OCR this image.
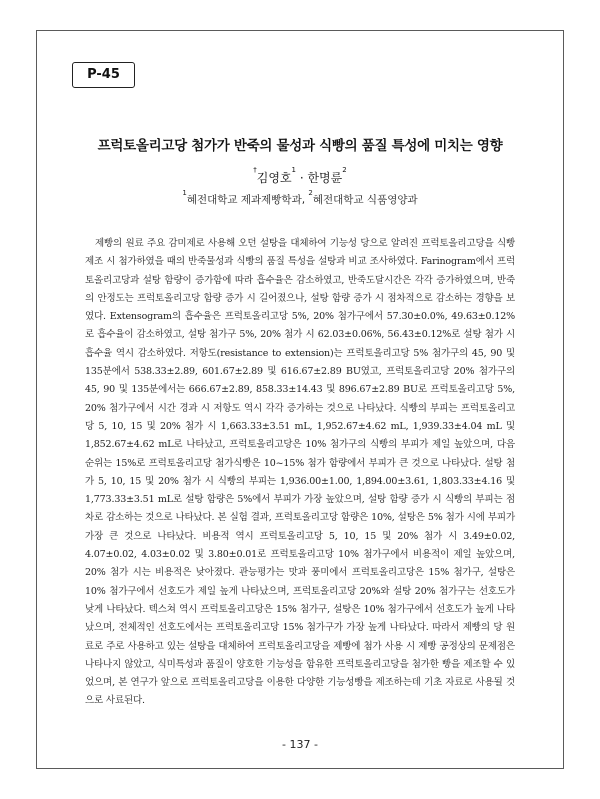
P-45
프럭토올리고당 첨가가 반죽의 물성과 식빵의 품질 특성에 미치는 영향
†김영호$^1$ · 한명륜$^2$
$^1$혜전대학교 제과제빵학과, $^2$혜전대학교 식품영양과

제빵의 원료 주요 감미제로 사용해 오던 설탕을 대체하여 기능성 당으로 알려진 프럭토올리고당을 식빵 제조 시 첨가하였을 때의 반죽물성과 식빵의 품질 특성을 설탕과 비교 조사하였다. Farinogram에서 프럭토올리고당과 설탕 함량이 증가함에 따라 흡수율은 감소하였고, 반죽도달시간은 각각 증가하였으며, 반죽의 안정도는 프럭토올리고당 함량 증가 시 길어졌으나, 설탕 함량 증가 시 점차적으로 감소하는 경향을 보였다. Extensogram의 흡수율은 프럭토올리고당 5%, 20% 첨가구에서 57.30±0.0%, 49.63±0.12%로 흡수율이 감소하였고, 설탕 첨가구 5%, 20% 첨가 시 62.03±0.06%, 56.43±0.12%로 설탕 첨가 시 흡수율 역시 감소하였다. 저항도(resistance to extension)는 프럭토올리고당 5% 첨가구의 45, 90 및 135분에서 538.33±2.89, 601.67±2.89 및 616.67±2.89 BU였고, 프럭토올리고당 20% 첨가구의 45, 90 및 135분에서는 666.67±2.89, 858.33±14.43 및 896.67±2.89 BU로 프럭토올리고당 5%, 20% 첨가구에서 시간 경과 시 저항도 역시 각각 증가하는 것으로 나타났다. 식빵의 부피는 프럭토올리고당 5, 10, 15 및 20% 첨가 시 1,663.33±3.51 mL, 1,952.67±4.62 mL, 1,939.33±4.04 mL 및 1,852.67±4.62 mL로 나타났고, 프럭토올리고당은 10% 첨가구의 식빵의 부피가 제일 높았으며, 다음 순위는 15%로 프럭토올리고당 첨가식빵은 10~15% 첨가 함량에서 부피가 큰 것으로 나타났다. 설탕 첨가 5, 10, 15 및 20% 첨가 시 식빵의 부피는 1,936.00±1.00, 1,894.00±3.61, 1,803.33±4.16 및 1,773.33±3.51 mL로 설탕 함량은 5%에서 부피가 가장 높았으며, 설탕 함량 증가 시 식빵의 부피는 점차로 감소하는 것으로 나타났다. 본 실험 결과, 프럭토올리고당 함량은 10%, 설탕은 5% 첨가 시에 부피가 가장 큰 것으로 나타났다. 비용적 역시 프럭토올리고당 5, 10, 15 및 20% 첨가 시 3.49±0.02, 4.07±0.02, 4.03±0.02 및 3.80±0.01로 프럭토올리고당 10% 첨가구에서 비용적이 제일 높았으며, 20% 첨가 시는 비용적은 낮아졌다. 관능평가는 맛과 풍미에서 프럭토올리고당은 15% 첨가구, 설탕은 10% 첨가구에서 선호도가 제일 높게 나타났으며, 프럭토올리고당 20%와 설탕 20% 첨가구는 선호도가 낮게 나타났다. 텍스쳐 역시 프럭토올리고당은 15% 첨가구, 설탕은 10% 첨가구에서 선호도가 높게 나타났으며, 전체적인 선호도에서는 프럭토올리고당 15% 첨가구가 가장 높게 나타났다. 따라서 제빵의 당 원료로 주로 사용하고 있는 설탕을 대체하여 프럭토올리고당을 제빵에 첨가 사용 시 제빵 공정상의 문제점은 나타나지 않았고, 식미특성과 품질이 양호한 기능성을 함유한 프럭토올리고당을 첨가한 빵을 제조할 수 있었으며, 본 연구가 앞으로 프럭토올리고당을 이용한 다양한 기능성빵을 제조하는데 기초 자료로 사용될 것으로 사료된다.

- 137 -
